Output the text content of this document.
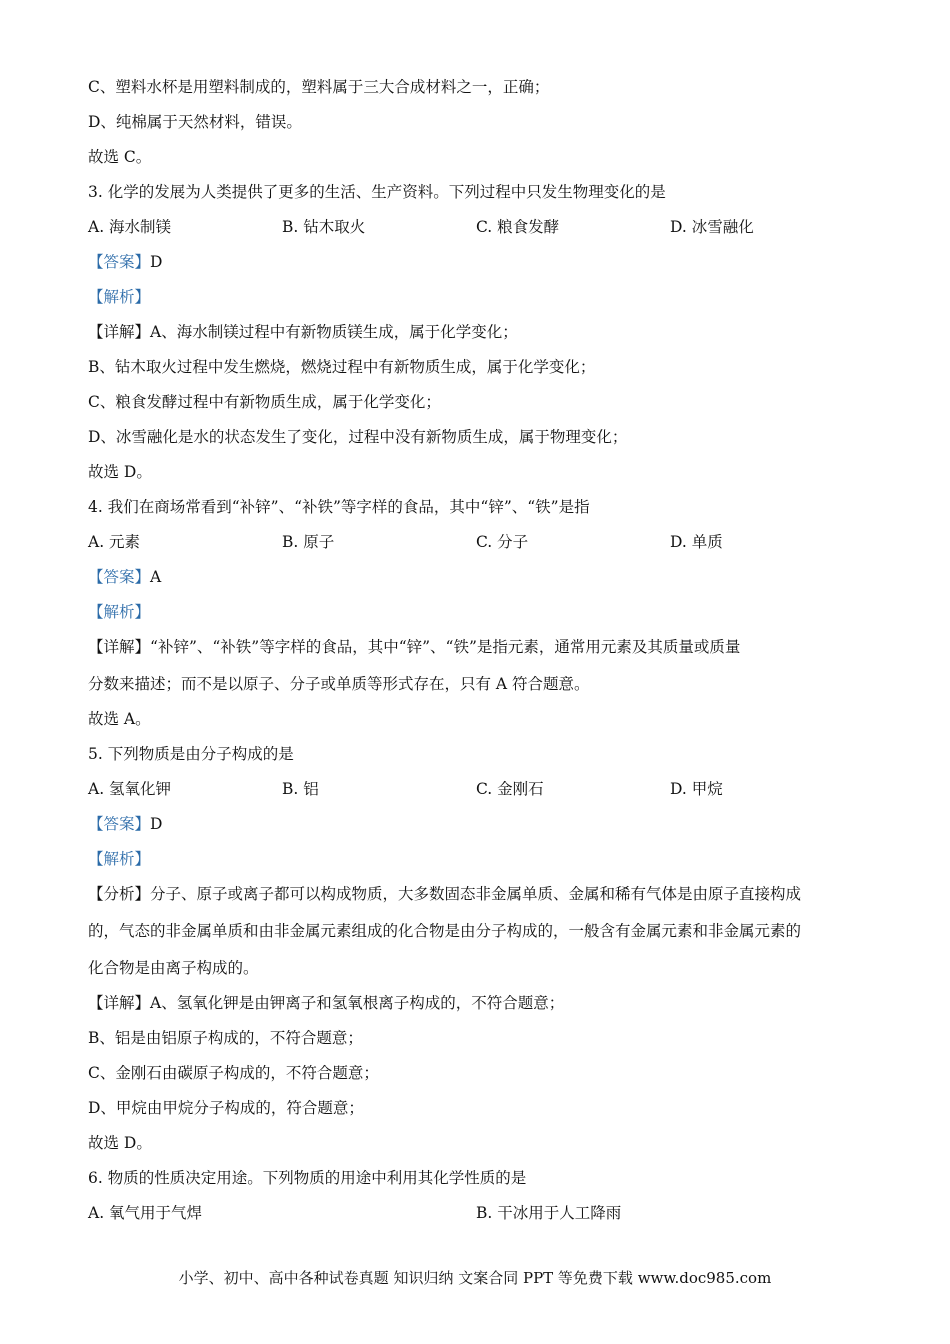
C、塑料水杯是用塑料制成的，塑料属于三大合成材料之一，正确；
D、纯棉属于天然材料，错误。
故选 C。
3. 化学的发展为人类提供了更多的生活、生产资料。下列过程中只发生物理变化的是
A. 海水制镁	B. 钻木取火	C. 粮食发酵	D. 冰雪融化
【答案】D
【解析】
【详解】A、海水制镁过程中有新物质镁生成，属于化学变化；
B、钻木取火过程中发生燃烧，燃烧过程中有新物质生成，属于化学变化；
C、粮食发酵过程中有新物质生成，属于化学变化；
D、冰雪融化是水的状态发生了变化，过程中没有新物质生成，属于物理变化；
故选 D。
4. 我们在商场常看到“补锌”、“补铁”等字样的食品，其中“锌”、“铁”是指
A. 元素	B. 原子	C. 分子	D. 单质
【答案】A
【解析】
【详解】“补锌”、“补铁”等字样的食品，其中“锌”、“铁”是指元素，通常用元素及其质量或质量
分数来描述；而不是以原子、分子或单质等形式存在，只有 A 符合题意。
故选 A。
5. 下列物质是由分子构成的是
A. 氢氧化钾	B. 铝	C. 金刚石	D. 甲烷
【答案】D
【解析】
【分析】分子、原子或离子都可以构成物质，大多数固态非金属单质、金属和稀有气体是由原子直接构成
的，气态的非金属单质和由非金属元素组成的化合物是由分子构成的，一般含有金属元素和非金属元素的
化合物是由离子构成的。
【详解】A、氢氧化钾是由钾离子和氢氧根离子构成的，不符合题意；
B、铝是由铝原子构成的，不符合题意；
C、金刚石由碳原子构成的，不符合题意；
D、甲烷由甲烷分子构成的，符合题意；
故选 D。
6. 物质的性质决定用途。下列物质的用途中利用其化学性质的是
A. 氧气用于气焊	B. 干冰用于人工降雨
小学、初中、高中各种试卷真题 知识归纳 文案合同 PPT 等免费下载 www.doc985.com
